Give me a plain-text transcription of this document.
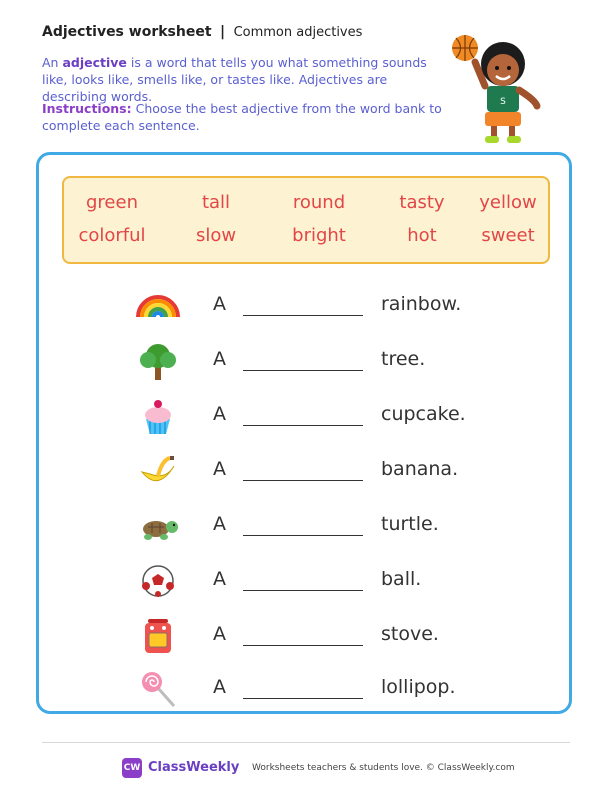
Adjectives worksheet | Common adjectives
An adjective is a word that tells you what something sounds like, looks like, smells like, or tastes like. Adjectives are describing words.
Instructions: Choose the best adjective from the word bank to complete each sentence.
S
green	tall	round	tasty yellow
colorful	slow	bright	hot sweet
A	rainbow.
A	tree.
A	cupcake.
A	banana.
A	turtle.
A	ball.
A	stove.
A	lollipop.
CW ClassWeekly Worksheets teachers & students love. © ClassWeekly.com
